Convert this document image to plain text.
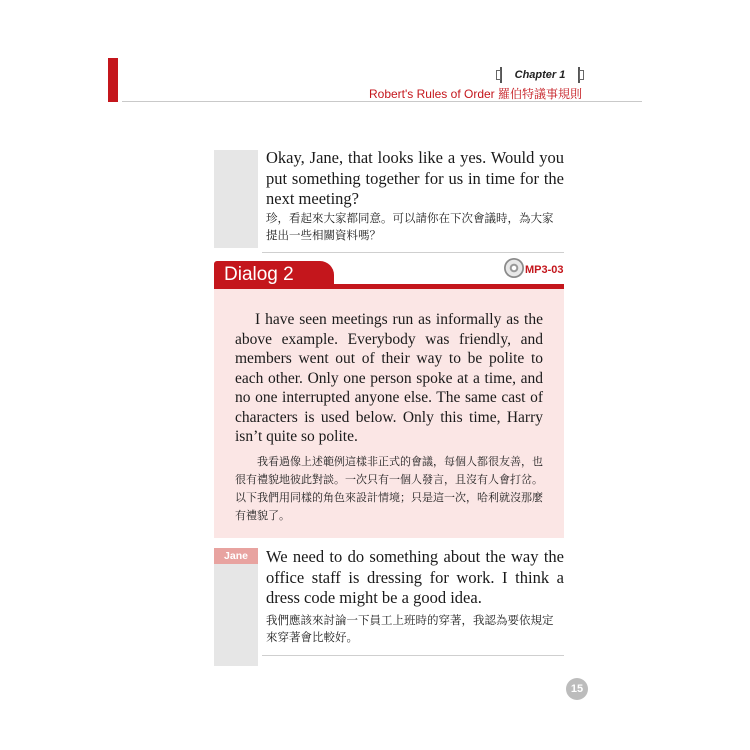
Chapter 1
Robert's Rules of Order 羅伯特議事規則
Okay, Jane, that looks like a yes. Would you put something together for us in time for the next meeting?
珍，看起來大家都同意。可以請你在下次會議時，為大家提出一些相關資料嗎？
Dialog 2	MP3-03

I have seen meetings run as informally as the above example. Everybody was friendly, and members went out of their way to be polite to each other. Only one person spoke at a time, and no one interrupted anyone else. The same cast of characters is used below. Only this time, Harry isn’t quite so polite.

我看過像上述範例這樣非正式的會議，每個人都很友善，也很有禮貌地彼此對談。一次只有一個人發言，且沒有人會打岔。以下我們用同樣的角色來設計情境；只是這一次，哈利就沒那麼有禮貌了。

Jane	We need to do something about the way the office staff is dressing for work. I think a dress code might be a good idea.
我們應該來討論一下員工上班時的穿著，我認為要依規定來穿著會比較好。
15
